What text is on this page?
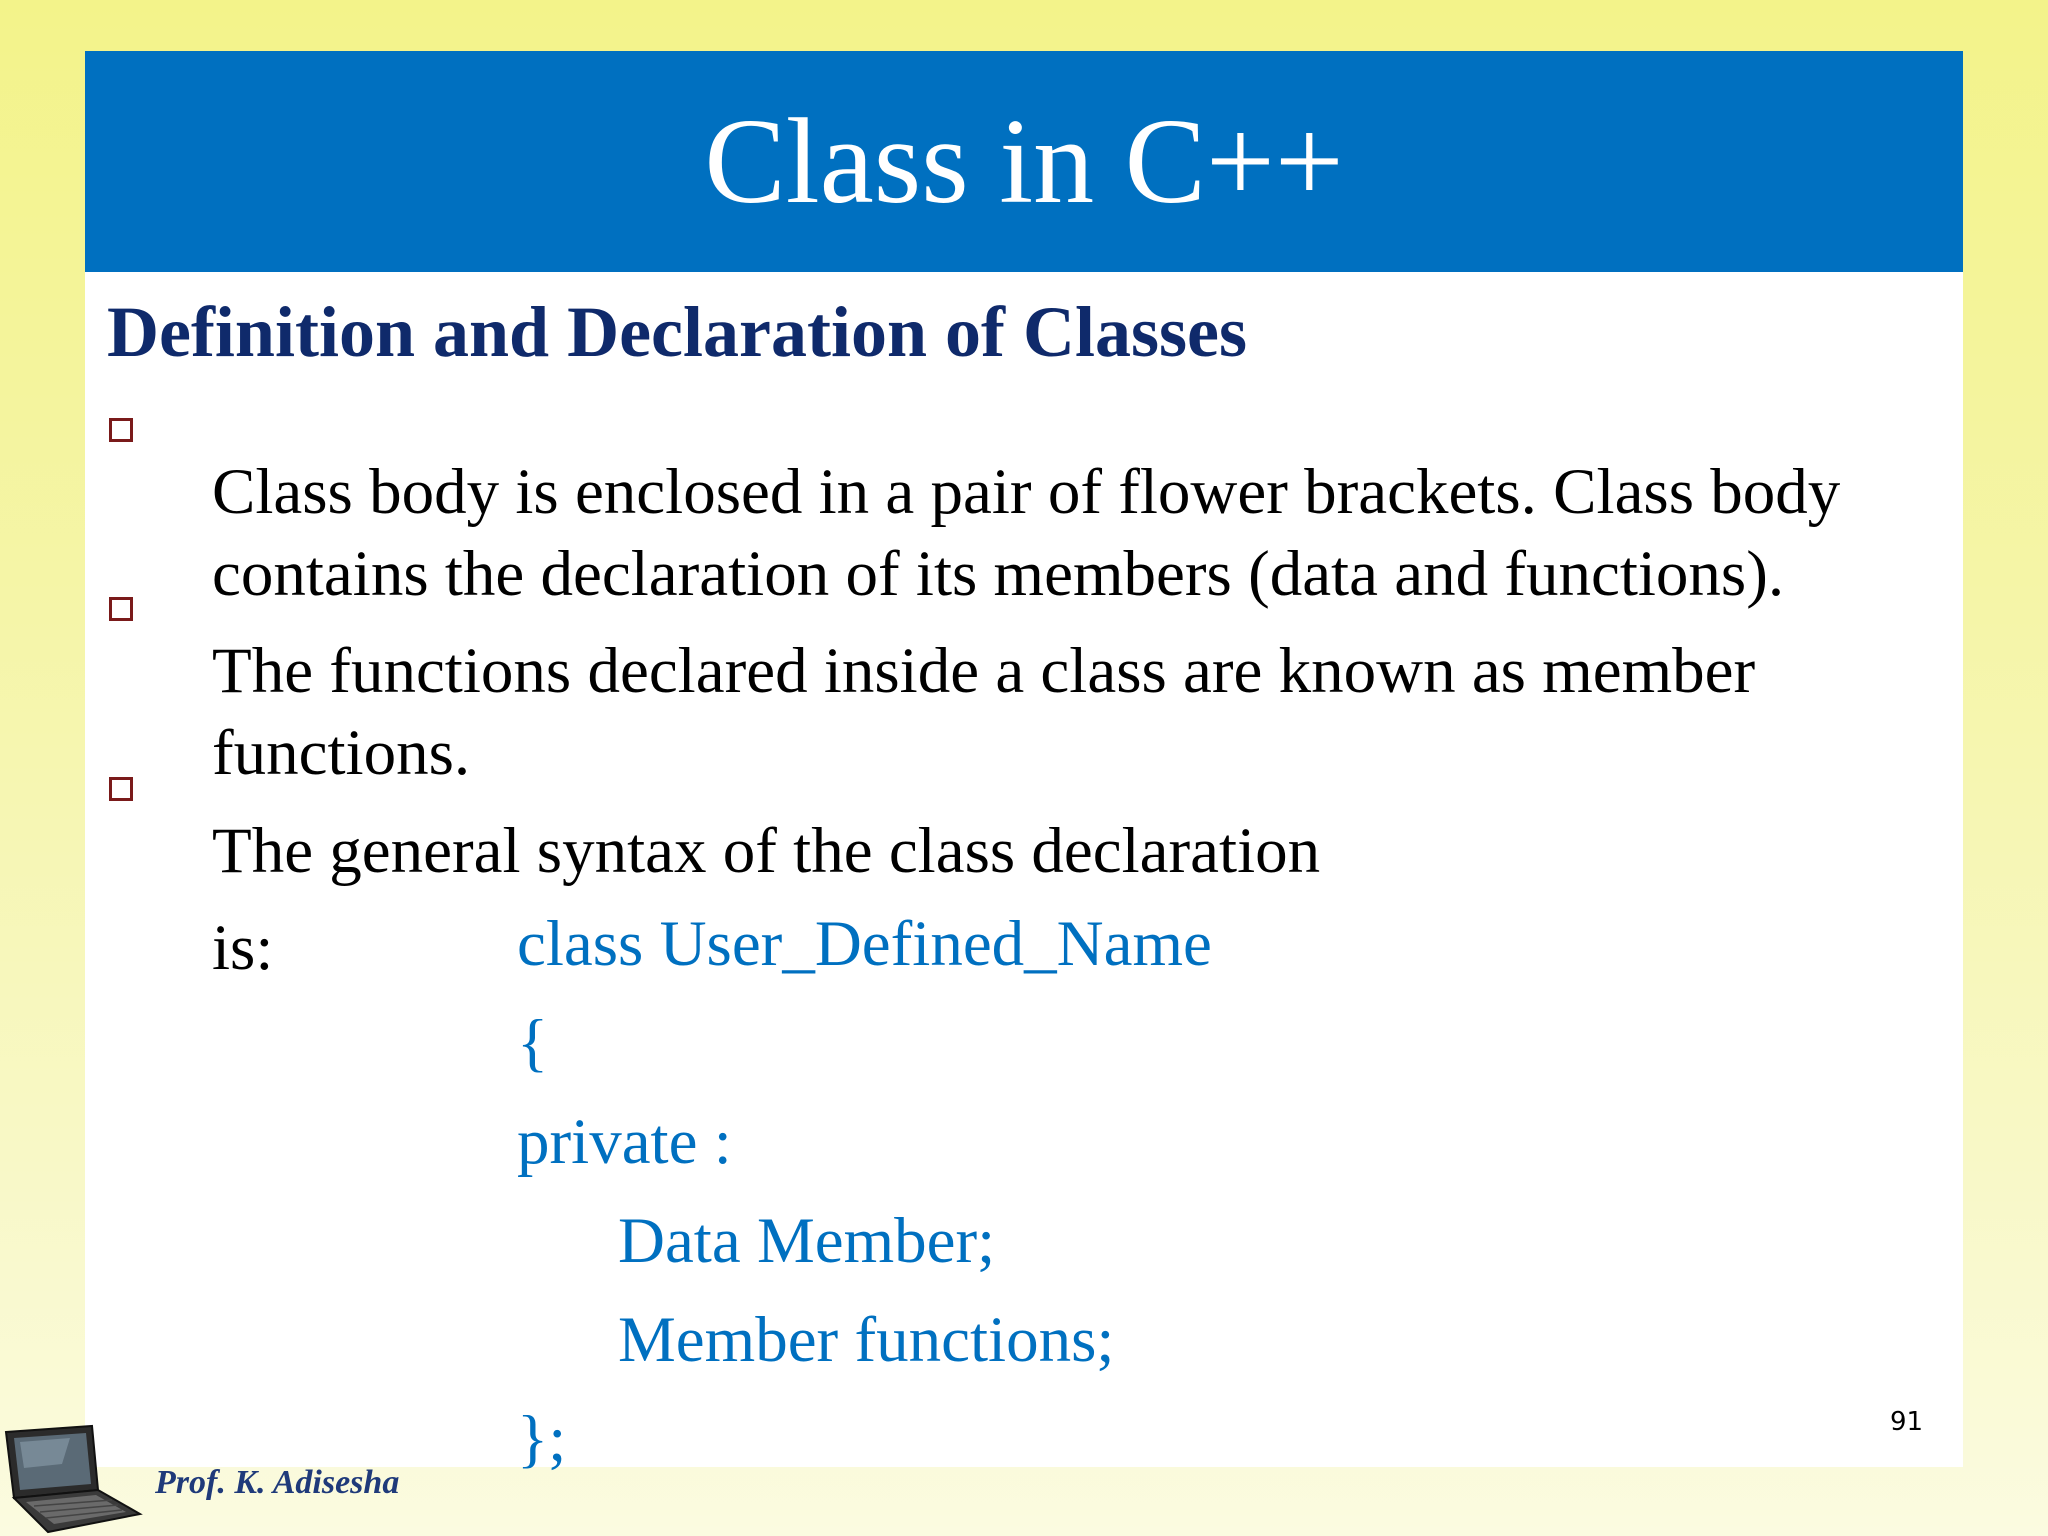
Class in C++
Definition and Declaration of Classes
Class body is enclosed in a pair of flower brackets. Class body
contains the declaration of its members (data and functions).
The functions declared inside a class are known as member
functions.
The general syntax of the class declaration
is:	class User_Defined_Name
{
private :
Data Member;
Member functions;
};	91
Prof. K. Adisesha
